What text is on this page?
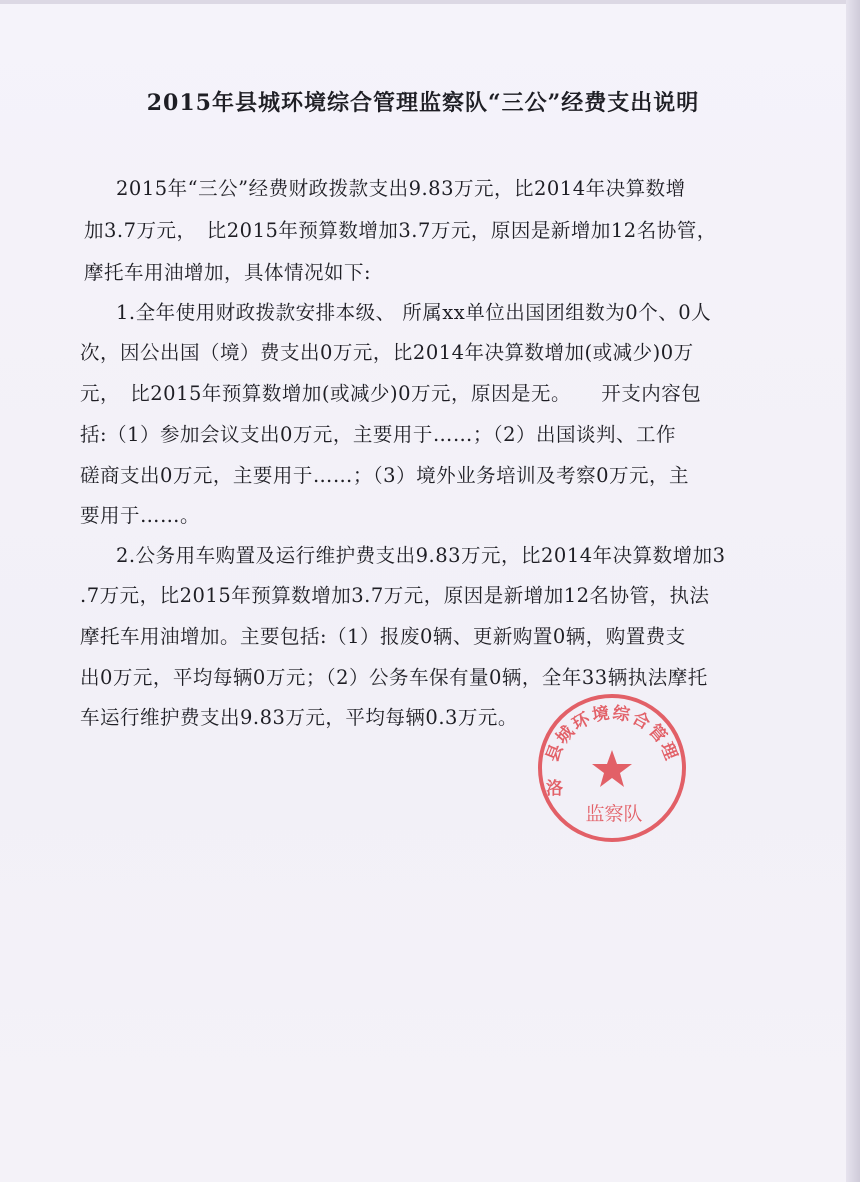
2015年县城环境综合管理监察队“三公”经费支出说明
2015年“三公”经费财政拨款支出9.83万元，比2014年决算数增
加3.7万元，　比2015年预算数增加3.7万元，原因是新增加12名协管，
摩托车用油增加，具体情况如下:
1.全年使用财政拨款安排本级、 所属xx单位出国团组数为0个、0人
次，因公出国（境）费支出0万元，比2014年决算数增加(或减少)0万
元，　比2015年预算数增加(或减少)0万元，原因是无。　　开支内容包
括:（1）参加会议支出0万元，主要用于……；（2）出国谈判、工作
磋商支出0万元，主要用于……；（3）境外业务培训及考察0万元，主
要用于……。
2.公务用车购置及运行维护费支出9.83万元，比2014年决算数增加3
.7万元，比2015年预算数增加3.7万元，原因是新增加12名协管，执法
摩托车用油增加。主要包括:（1）报废0辆、更新购置0辆，购置费支
出0万元，平均每辆0万元；（2）公务车保有量0辆，全年33辆执法摩托
车运行维护费支出9.83万元，平均每辆0.3万元。
洛
县城环境综合管理
监察队
